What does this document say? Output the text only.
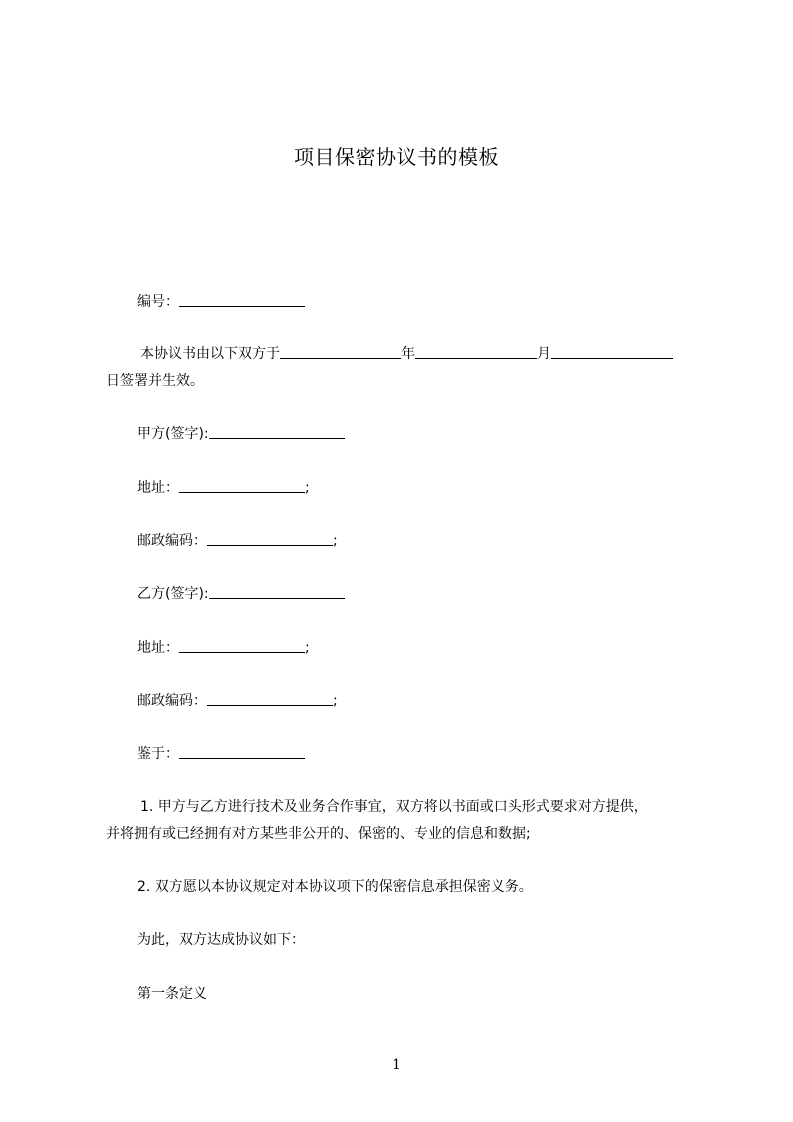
项目保密协议书的模板
编号：
本协议书由以下双方于	年	月
日签署并生效。
甲方(签字):
地址：	;
邮政编码：	;
乙方(签字):
地址：	;
邮政编码：	;
鉴于：
1. 甲方与乙方进行技术及业务合作事宜，双方将以书面或口头形式要求对方提供，
并将拥有或已经拥有对方某些非公开的、保密的、专业的信息和数据;
2. 双方愿以本协议规定对本协议项下的保密信息承担保密义务。
为此，双方达成协议如下：
第一条定义
1
